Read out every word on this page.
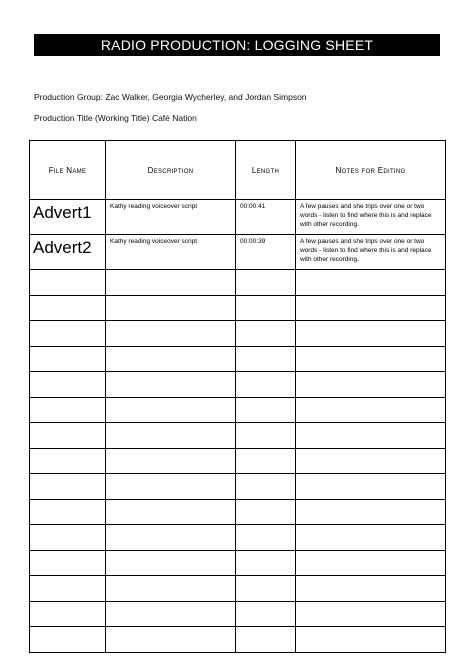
RADIO PRODUCTION: LOGGING SHEET
Production Group: Zac Walker, Georgia Wycherley, and Jordan Simpson
Production Title (Working Title) Café Nation
File Name	Description	Length	Notes for Editing
Advert1	Kathy reading voiceover script	00:00:41	A few pauses and she trips over one or two words - listen to find where this is and replace with other recording.
Advert2	Kathy reading voiceover script	00:00:39	A few pauses and she trips over one or two words - listen to find where this is and replace with other recording.
